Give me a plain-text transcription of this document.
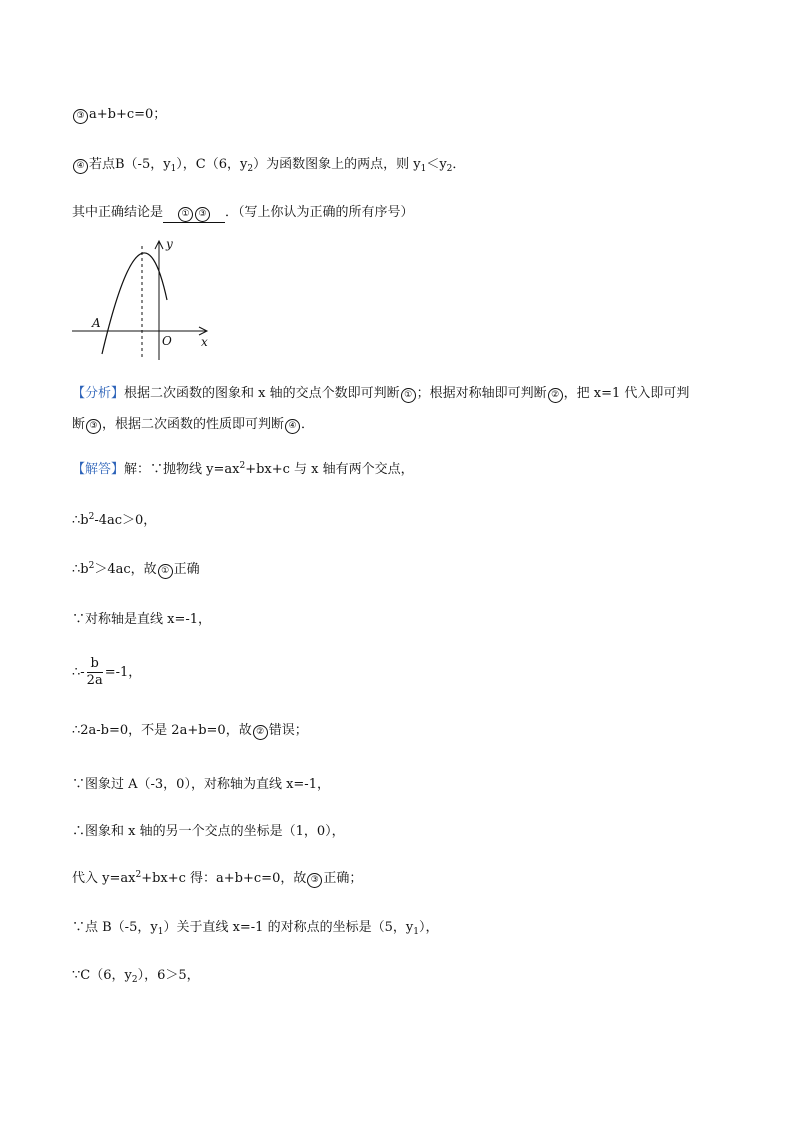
③ a+b+c=0；
④ 若点B（-5，$y_1$），C（6，$y_2$）为函数图象上的两点，则 $y_1<y_2$．
其中正确结论是 ① ③ ．（写上你认为正确的所有序号）
y
x
O
A
【分析】根据二次函数的图象和 x 轴的交点个数即可判断 ① ；根据对称轴即可判断 ② ，把 x=1 代入即可判
断 ③ ，根据二次函数的性质即可判断 ④ ．
【解答】解：∵抛物线 $y=ax^2+bx+c$ 与 x 轴有两个交点，
$\therefore b^2-4ac>0$，
$\therefore b^2>4ac$，故 ① 正确
∵对称轴是直线 x=-1，
∴- $\frac{b}{2a} =-1$，
∴2a-b=0，不是 2a+b=0，故 ② 错误；
∵图象过 A（-3，0），对称轴为直线 x=-1，
∴图象和 x 轴的另一个交点的坐标是（1，0），
代入 $y=ax^2+bx+c$ 得：a+b+c=0，故 ③ 正确；
∵点 B（-5，$y_1$）关于直线 x=-1 的对称点的坐标是（5，$y_1$），
∵C（6，$y_2$），6＞5，
